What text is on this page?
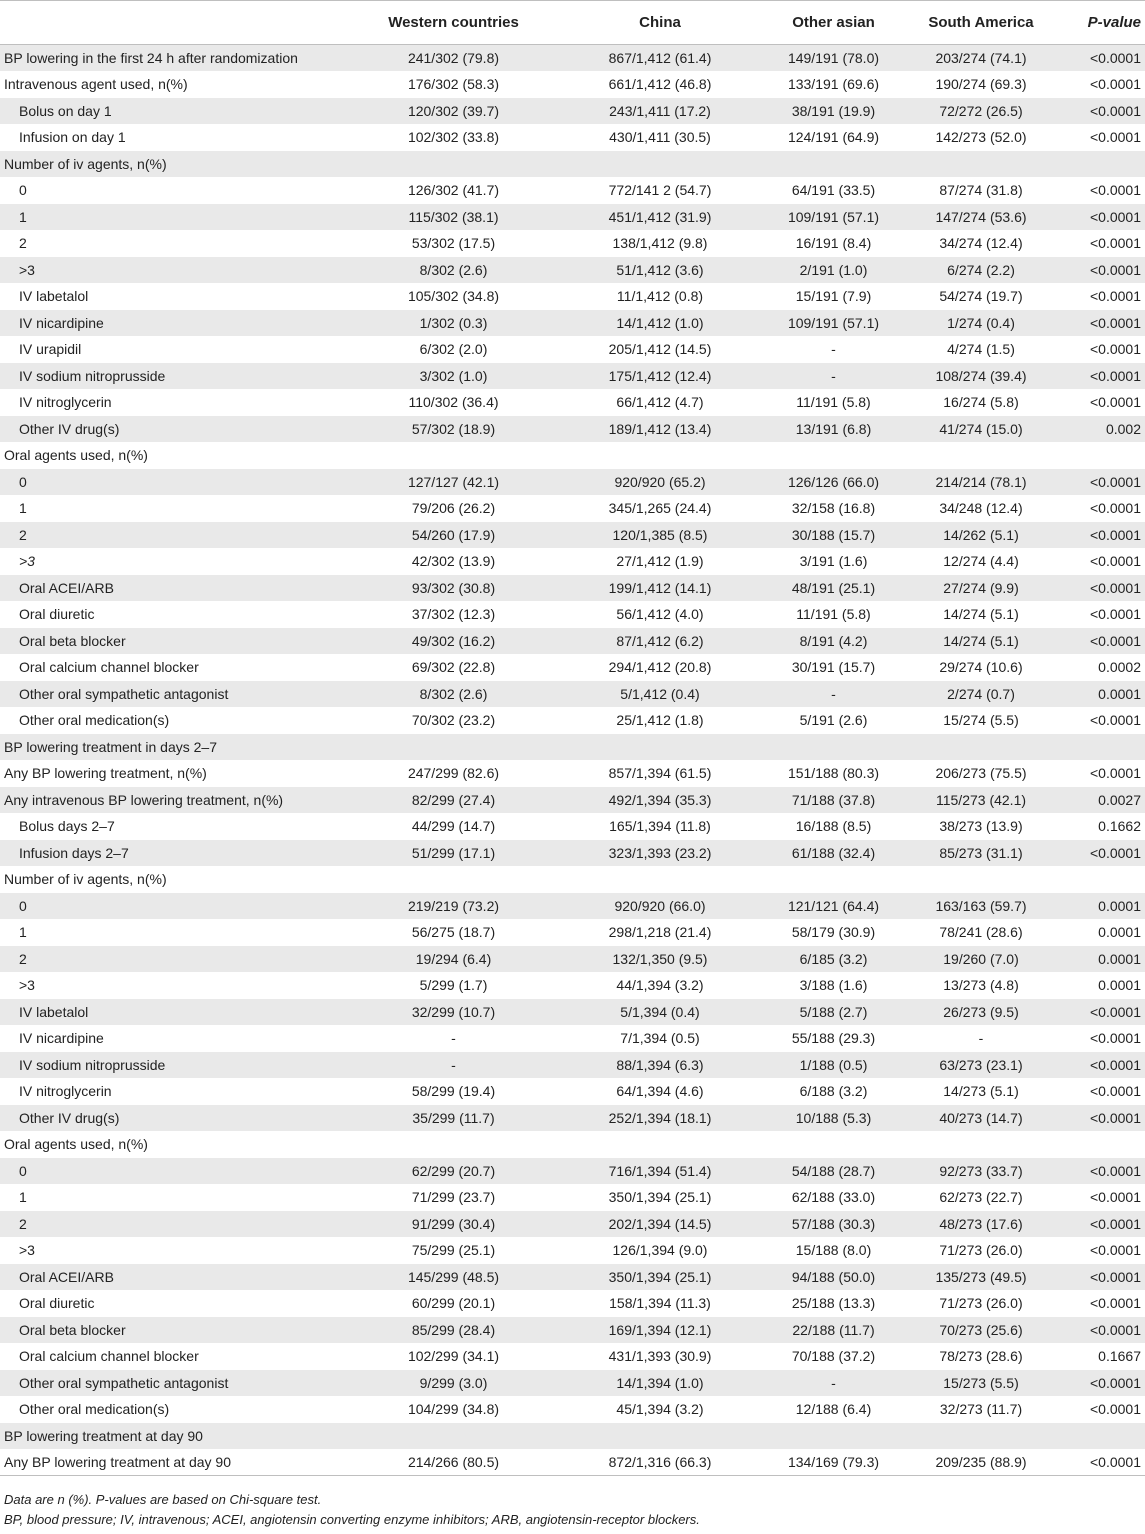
	Western countries	China	Other asian	South America	P-value
BP lowering in the first 24 h after randomization	241/302 (79.8)	867/1,412 (61.4)	149/191 (78.0)	203/274 (74.1)	<0.0001
Intravenous agent used, n(%)	176/302 (58.3)	661/1,412 (46.8)	133/191 (69.6)	190/274 (69.3)	<0.0001
Bolus on day 1	120/302 (39.7)	243/1,411 (17.2)	38/191 (19.9)	72/272 (26.5)	<0.0001
Infusion on day 1	102/302 (33.8)	430/1,411 (30.5)	124/191 (64.9)	142/273 (52.0)	<0.0001
Number of iv agents, n(%)					
0	126/302 (41.7)	772/141 2 (54.7)	64/191 (33.5)	87/274 (31.8)	<0.0001
1	115/302 (38.1)	451/1,412 (31.9)	109/191 (57.1)	147/274 (53.6)	<0.0001
2	53/302 (17.5)	138/1,412 (9.8)	16/191 (8.4)	34/274 (12.4)	<0.0001
>3	8/302 (2.6)	51/1,412 (3.6)	2/191 (1.0)	6/274 (2.2)	<0.0001
IV labetalol	105/302 (34.8)	11/1,412 (0.8)	15/191 (7.9)	54/274 (19.7)	<0.0001
IV nicardipine	1/302 (0.3)	14/1,412 (1.0)	109/191 (57.1)	1/274 (0.4)	<0.0001
IV urapidil	6/302 (2.0)	205/1,412 (14.5)	-	4/274 (1.5)	<0.0001
IV sodium nitroprusside	3/302 (1.0)	175/1,412 (12.4)	-	108/274 (39.4)	<0.0001
IV nitroglycerin	110/302 (36.4)	66/1,412 (4.7)	11/191 (5.8)	16/274 (5.8)	<0.0001
Other IV drug(s)	57/302 (18.9)	189/1,412 (13.4)	13/191 (6.8)	41/274 (15.0)	0.002
Oral agents used, n(%)					
0	127/127 (42.1)	920/920 (65.2)	126/126 (66.0)	214/214 (78.1)	<0.0001
1	79/206 (26.2)	345/1,265 (24.4)	32/158 (16.8)	34/248 (12.4)	<0.0001
2	54/260 (17.9)	120/1,385 (8.5)	30/188 (15.7)	14/262 (5.1)	<0.0001
>3	42/302 (13.9)	27/1,412 (1.9)	3/191 (1.6)	12/274 (4.4)	<0.0001
Oral ACEI/ARB	93/302 (30.8)	199/1,412 (14.1)	48/191 (25.1)	27/274 (9.9)	<0.0001
Oral diuretic	37/302 (12.3)	56/1,412 (4.0)	11/191 (5.8)	14/274 (5.1)	<0.0001
Oral beta blocker	49/302 (16.2)	87/1,412 (6.2)	8/191 (4.2)	14/274 (5.1)	<0.0001
Oral calcium channel blocker	69/302 (22.8)	294/1,412 (20.8)	30/191 (15.7)	29/274 (10.6)	0.0002
Other oral sympathetic antagonist	8/302 (2.6)	5/1,412 (0.4)	-	2/274 (0.7)	0.0001
Other oral medication(s)	70/302 (23.2)	25/1,412 (1.8)	5/191 (2.6)	15/274 (5.5)	<0.0001
BP lowering treatment in days 2–7					
Any BP lowering treatment, n(%)	247/299 (82.6)	857/1,394 (61.5)	151/188 (80.3)	206/273 (75.5)	<0.0001
Any intravenous BP lowering treatment, n(%)	82/299 (27.4)	492/1,394 (35.3)	71/188 (37.8)	115/273 (42.1)	0.0027
Bolus days 2–7	44/299 (14.7)	165/1,394 (11.8)	16/188 (8.5)	38/273 (13.9)	0.1662
Infusion days 2–7	51/299 (17.1)	323/1,393 (23.2)	61/188 (32.4)	85/273 (31.1)	<0.0001
Number of iv agents, n(%)					
0	219/219 (73.2)	920/920 (66.0)	121/121 (64.4)	163/163 (59.7)	0.0001
1	56/275 (18.7)	298/1,218 (21.4)	58/179 (30.9)	78/241 (28.6)	0.0001
2	19/294 (6.4)	132/1,350 (9.5)	6/185 (3.2)	19/260 (7.0)	0.0001
>3	5/299 (1.7)	44/1,394 (3.2)	3/188 (1.6)	13/273 (4.8)	0.0001
IV labetalol	32/299 (10.7)	5/1,394 (0.4)	5/188 (2.7)	26/273 (9.5)	<0.0001
IV nicardipine	-	7/1,394 (0.5)	55/188 (29.3)	-	<0.0001
IV sodium nitroprusside	-	88/1,394 (6.3)	1/188 (0.5)	63/273 (23.1)	<0.0001
IV nitroglycerin	58/299 (19.4)	64/1,394 (4.6)	6/188 (3.2)	14/273 (5.1)	<0.0001
Other IV drug(s)	35/299 (11.7)	252/1,394 (18.1)	10/188 (5.3)	40/273 (14.7)	<0.0001
Oral agents used, n(%)					
0	62/299 (20.7)	716/1,394 (51.4)	54/188 (28.7)	92/273 (33.7)	<0.0001
1	71/299 (23.7)	350/1,394 (25.1)	62/188 (33.0)	62/273 (22.7)	<0.0001
2	91/299 (30.4)	202/1,394 (14.5)	57/188 (30.3)	48/273 (17.6)	<0.0001
>3	75/299 (25.1)	126/1,394 (9.0)	15/188 (8.0)	71/273 (26.0)	<0.0001
Oral ACEI/ARB	145/299 (48.5)	350/1,394 (25.1)	94/188 (50.0)	135/273 (49.5)	<0.0001
Oral diuretic	60/299 (20.1)	158/1,394 (11.3)	25/188 (13.3)	71/273 (26.0)	<0.0001
Oral beta blocker	85/299 (28.4)	169/1,394 (12.1)	22/188 (11.7)	70/273 (25.6)	<0.0001
Oral calcium channel blocker	102/299 (34.1)	431/1,393 (30.9)	70/188 (37.2)	78/273 (28.6)	0.1667
Other oral sympathetic antagonist	9/299 (3.0)	14/1,394 (1.0)	-	15/273 (5.5)	<0.0001
Other oral medication(s)	104/299 (34.8)	45/1,394 (3.2)	12/188 (6.4)	32/273 (11.7)	<0.0001
BP lowering treatment at day 90					
Any BP lowering treatment at day 90	214/266 (80.5)	872/1,316 (66.3)	134/169 (79.3)	209/235 (88.9)	<0.0001
Data are n (%). P-values are based on Chi-square test.
BP, blood pressure; IV, intravenous; ACEI, angiotensin converting enzyme inhibitors; ARB, angiotensin-receptor blockers.
